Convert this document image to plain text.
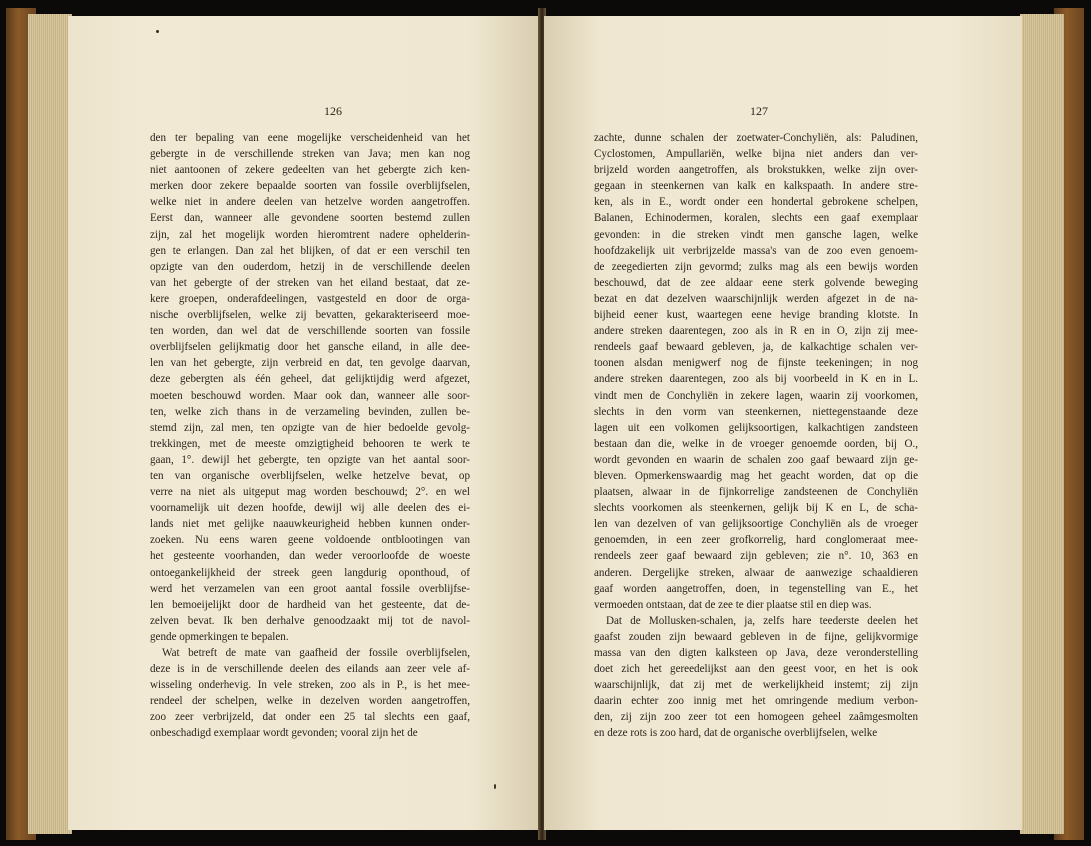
126
den ter bepaling van eene mogelijke verscheidenheid van het
gebergte in de verschillende streken van Java; men kan nog
niet aantoonen of zekere gedeelten van het gebergte zich ken-
merken door zekere bepaalde soorten van fossile overblijfselen,
welke niet in andere deelen van hetzelve worden aangetroffen.
Eerst dan, wanneer alle gevondene soorten bestemd zullen
zijn, zal het mogelijk worden hieromtrent nadere ophelderin-
gen te erlangen. Dan zal het blijken, of dat er een verschil ten
opzigte van den ouderdom, hetzij in de verschillende deelen
van het gebergte of der streken van het eiland bestaat, dat ze-
kere groepen, onderafdeelingen, vastgesteld en door de orga-
nische overblijfselen, welke zij bevatten, gekarakteriseerd moe-
ten worden, dan wel dat de verschillende soorten van fossile
overblijfselen gelijkmatig door het gansche eiland, in alle dee-
len van het gebergte, zijn verbreid en dat, ten gevolge daarvan,
deze gebergten als één geheel, dat gelijktijdig werd afgezet,
moeten beschouwd worden. Maar ook dan, wanneer alle soor-
ten, welke zich thans in de verzameling bevinden, zullen be-
stemd zijn, zal men, ten opzigte van de hier bedoelde gevolg-
trekkingen, met de meeste omzigtigheid behooren te werk te
gaan, 1°. dewijl het gebergte, ten opzigte van het aantal soor-
ten van organische overblijfselen, welke hetzelve bevat, op
verre na niet als uitgeput mag worden beschouwd; 2°. en wel
voornamelijk uit dezen hoofde, dewijl wij alle deelen des ei-
lands niet met gelijke naauwkeurigheid hebben kunnen onder-
zoeken. Nu eens waren geene voldoende ontblootingen van
het gesteente voorhanden, dan weder veroorloofde de woeste
ontoegankelijkheid der streek geen langdurig oponthoud, of
werd het verzamelen van een groot aantal fossile overblijfse-
len bemoeijelijkt door de hardheid van het gesteente, dat de-
zelven bevat. Ik ben derhalve genoodzaakt mij tot de navol-
gende opmerkingen te bepalen.
Wat betreft de mate van gaafheid der fossile overblijfselen,
deze is in de verschillende deelen des eilands aan zeer vele af-
wisseling onderhevig. In vele streken, zoo als in P., is het mee-
rendeel der schelpen, welke in dezelven worden aangetroffen,
zoo zeer verbrijzeld, dat onder een 25 tal slechts een gaaf,
onbeschadigd exemplaar wordt gevonden; vooral zijn het de
127
zachte, dunne schalen der zoetwater-Conchyliën, als: Paludinen,
Cyclostomen, Ampullariën, welke bijna niet anders dan ver-
brijzeld worden aangetroffen, als brokstukken, welke zijn over-
gegaan in steenkernen van kalk en kalkspaath. In andere stre-
ken, als in E., wordt onder een hondertal gebrokene schelpen,
Balanen, Echinodermen, koralen, slechts een gaaf exemplaar
gevonden: in die streken vindt men gansche lagen, welke
hoofdzakelijk uit verbrijzelde massa's van de zoo even genoem-
de zeegedierten zijn gevormd; zulks mag als een bewijs worden
beschouwd, dat de zee aldaar eene sterk golvende beweging
bezat en dat dezelven waarschijnlijk werden afgezet in de na-
bijheid eener kust, waartegen eene hevige branding klotste. In
andere streken daarentegen, zoo als in R en in O, zijn zij mee-
rendeels gaaf bewaard gebleven, ja, de kalkachtige schalen ver-
toonen alsdan menigwerf nog de fijnste teekeningen; in nog
andere streken daarentegen, zoo als bij voorbeeld in K en in L.
vindt men de Conchyliën in zekere lagen, waarin zij voorkomen,
slechts in den vorm van steenkernen, niettegenstaande deze
lagen uit een volkomen gelijksoortigen, kalkachtigen zandsteen
bestaan dan die, welke in de vroeger genoemde oorden, bij O.,
wordt gevonden en waarin de schalen zoo gaaf bewaard zijn ge-
bleven. Opmerkenswaardig mag het geacht worden, dat op die
plaatsen, alwaar in de fijnkorrelige zandsteenen de Conchyliën
slechts voorkomen als steenkernen, gelijk bij K en L, de scha-
len van dezelven of van gelijksoortige Conchyliën als de vroeger
genoemden, in een zeer grofkorrelig, hard conglomeraat mee-
rendeels zeer gaaf bewaard zijn gebleven; zie n°. 10, 363 en
anderen. Dergelijke streken, alwaar de aanwezige schaaldieren
gaaf worden aangetroffen, doen, in tegenstelling van E., het
vermoeden ontstaan, dat de zee te dier plaatse stil en diep was.
Dat de Mollusken-schalen, ja, zelfs hare teederste deelen het
gaafst zouden zijn bewaard gebleven in de fijne, gelijkvormige
massa van den digten kalksteen op Java, deze veronderstelling
doet zich het gereedelijkst aan den geest voor, en het is ook
waarschijnlijk, dat zij met de werkelijkheid instemt; zij zijn
daarin echter zoo innig met het omringende medium verbon-
den, zij zijn zoo zeer tot een homogeen geheel zaâmgesmolten
en deze rots is zoo hard, dat de organische overblijfselen, welke
